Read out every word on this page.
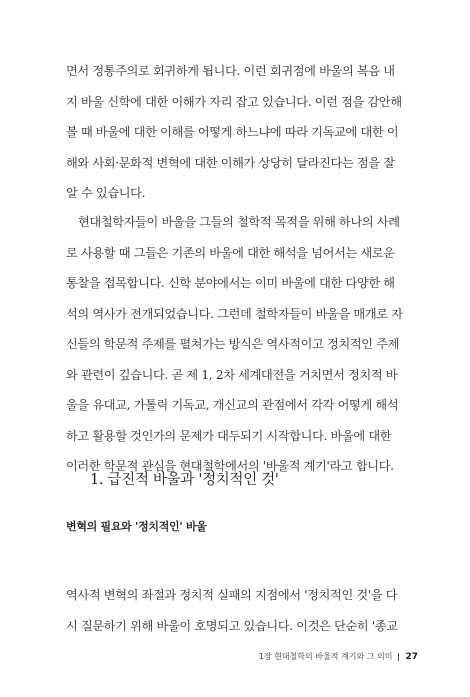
면서 정통주의로 회귀하게 됩니다. 이런 회귀점에 바울의 복음 내
지 바울 신학에 대한 이해가 자리 잡고 있습니다. 이런 점을 감안해
볼 때 바울에 대한 이해를 어떻게 하느냐에 따라 기독교에 대한 이
해와 사회·문화적 변혁에 대한 이해가 상당히 달라진다는 점을 잘
알 수 있습니다.
현대철학자들이 바울을 그들의 철학적 목적을 위해 하나의 사례
로 사용할 때 그들은 기존의 바울에 대한 해석을 넘어서는 새로운
통찰을 접목합니다. 신학 분야에서는 이미 바울에 대한 다양한 해
석의 역사가 전개되었습니다. 그런데 철학자들이 바울을 매개로 자
신들의 학문적 주제를 펼쳐가는 방식은 역사적이고 정치적인 주제
와 관련이 깊습니다. 곧 제 1, 2차 세계대전을 거치면서 정치적 바
울을 유대교, 가톨릭 기독교, 개신교의 관점에서 각각 어떻게 해석
하고 활용할 것인가의 문제가 대두되기 시작합니다. 바울에 대한
이러한 학문적 관심을 현대철학에서의 '바울적 계기'라고 합니다.
1. 급진적 바울과 '정치적인 것'
변혁의 필요와 '정치적인' 바울
역사적 변혁의 좌절과 정치적 실패의 지점에서 '정치적인 것'을 다
시 질문하기 위해 바울이 호명되고 있습니다. 이것은 단순히 '종교
1장 현대철학의 바울적 계기와 그 의미 27
